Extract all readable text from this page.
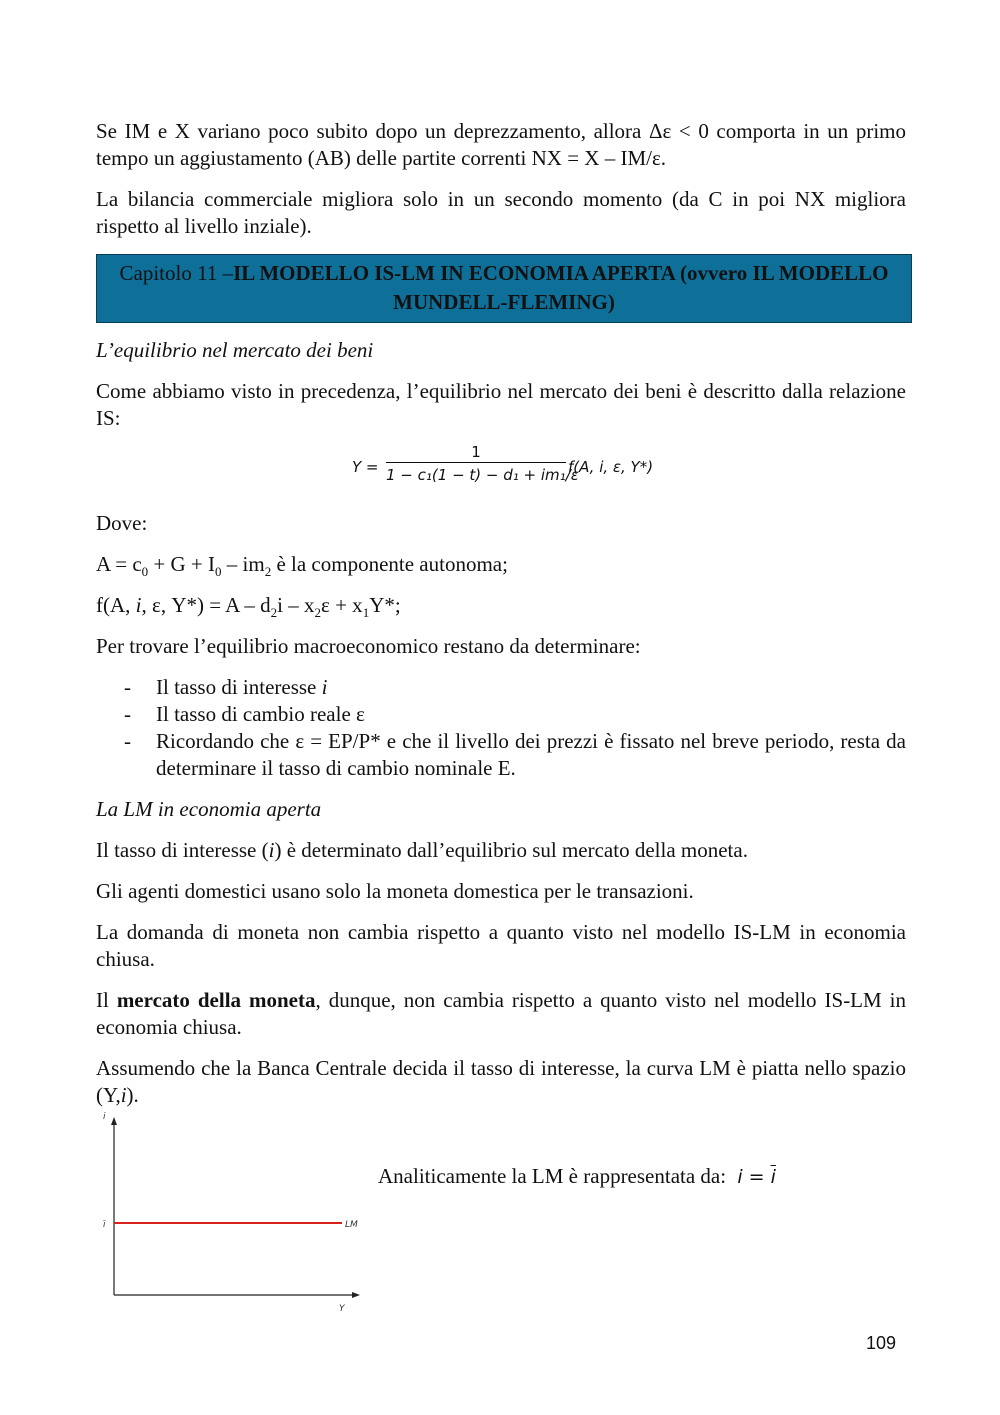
Se IM e X variano poco subito dopo un deprezzamento, allora Δε < 0 comporta in un primo tempo un aggiustamento (AB) delle partite correnti NX = X – IM/ε.

La bilancia commerciale migliora solo in un secondo momento (da C in poi NX migliora rispetto al livello inziale).

Capitolo 11 –IL MODELLO IS-LM IN ECONOMIA APERTA (ovvero IL MODELLO MUNDELL-FLEMING)

L’equilibrio nel mercato dei beni

Come abbiamo visto in precedenza, l’equilibrio nel mercato dei beni è descritto dalla relazione IS:

Y =
1
1 − c₁(1 − t) − d₁ + im₁/ε
f(A, i, ε, Y*)

Dove:

$A = c_0 + G + I_0 - im_2$ è la componente autonoma;

f(A, i, ε, $Y*) = A - d_2i - x_2\varepsilon + x_1Y*$;

Per trovare l’equilibrio macroeconomico restano da determinare:

- Il tasso di interesse i
- Il tasso di cambio reale ε
- Ricordando che ε = EP/P* e che il livello dei prezzi è fissato nel breve periodo, resta da determinare il tasso di cambio nominale E.

La LM in economia aperta

Il tasso di interesse (i) è determinato dall’equilibrio sul mercato della moneta.

Gli agenti domestici usano solo la moneta domestica per le transazioni.

La domanda di moneta non cambia rispetto a quanto visto nel modello IS-LM in economia chiusa.

Il mercato della moneta, dunque, non cambia rispetto a quanto visto nel modello IS-LM in economia chiusa.

Assumendo che la Banca Centrale decida il tasso di interesse, la curva LM è piatta nello spazio (Y,i).

i
Y
i	LM
Analiticamente la LM è rappresentata da: $i = \overline{i}$
109
